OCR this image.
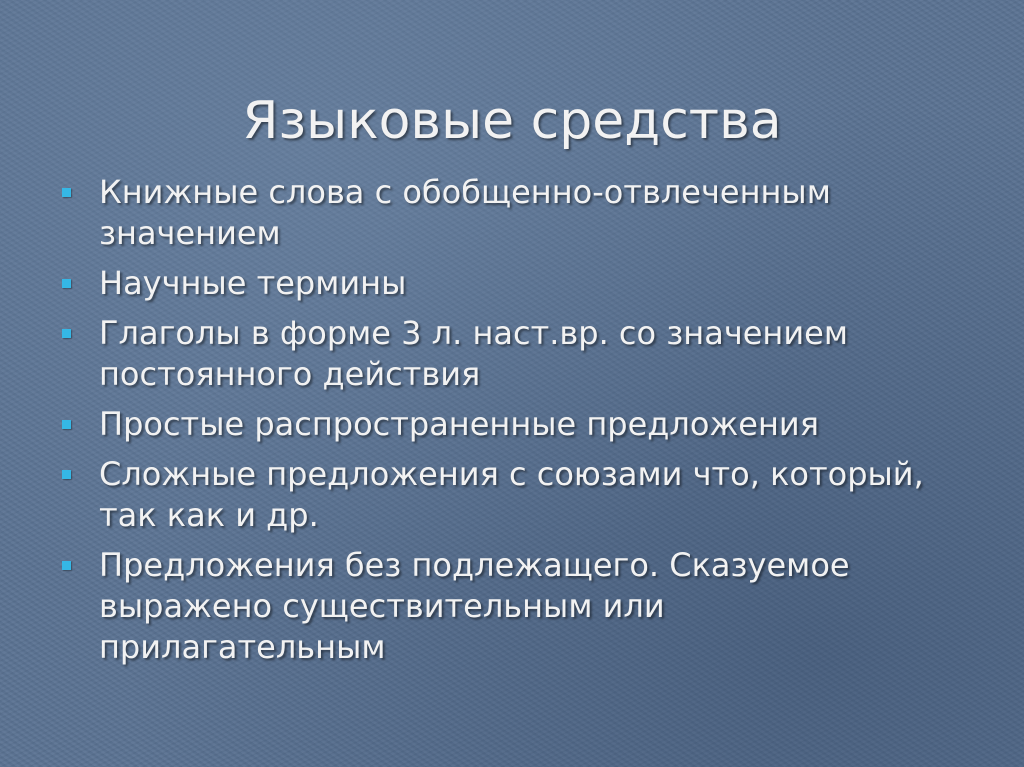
Языковые средства
Книжные слова с обобщенно-отвлеченным значением
Научные термины
Глаголы в форме 3 л. наст.вр. со значением постоянного действия
Простые распространенные предложения
Сложные предложения с союзами что, который, так как и др.
Предложения без подлежащего. Сказуемое выражено существительным или прилагательным
